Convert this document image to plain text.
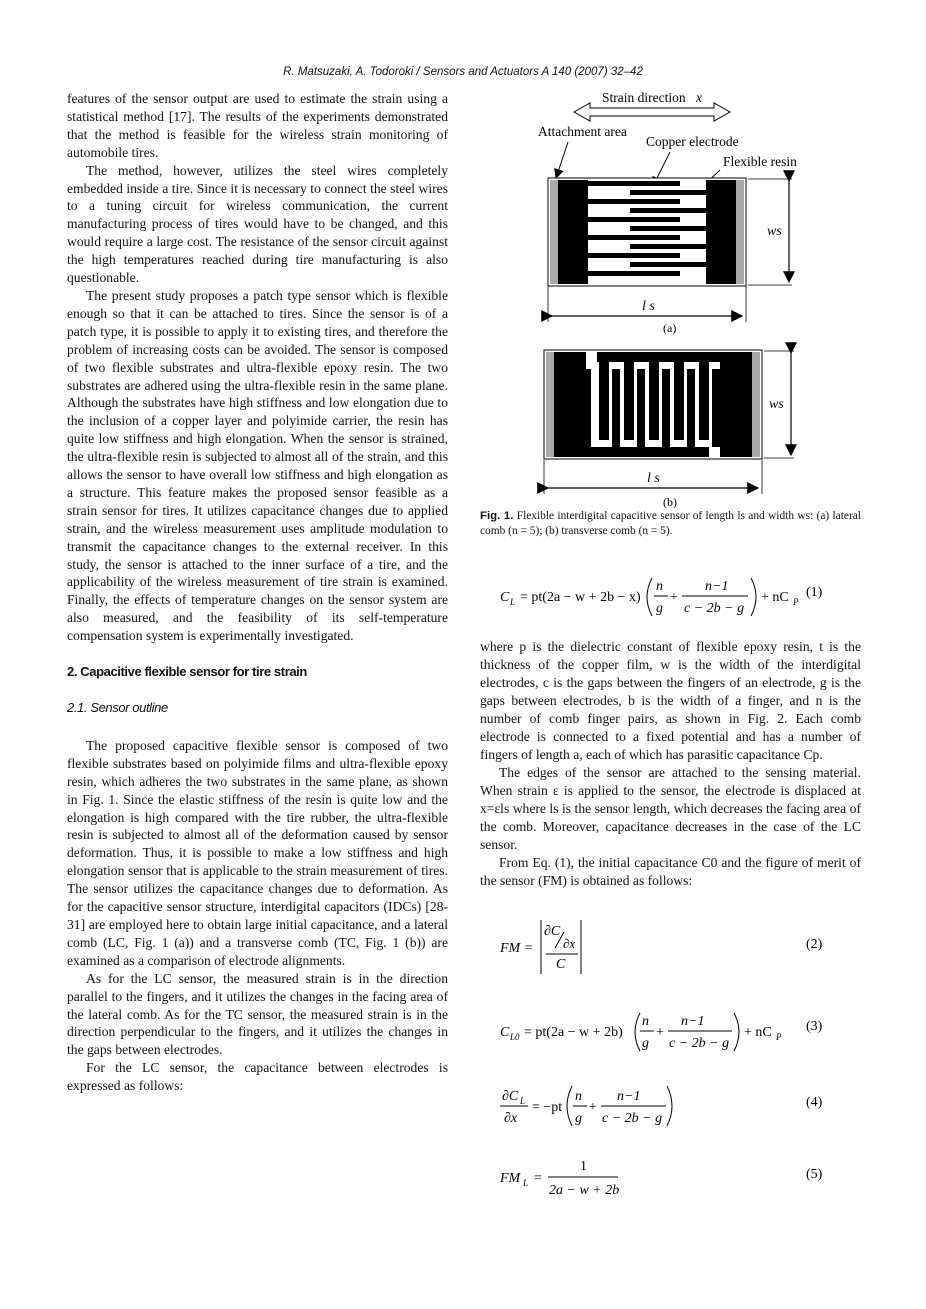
R. Matsuzaki, A. Todoroki / Sensors and Actuators A 140 (2007) 32–42

features of the sensor output are used to estimate the strain using a statistical method [17]. The results of the experiments demonstrated that the method is feasible for the wireless strain monitoring of automobile tires.

The method, however, utilizes the steel wires completely embedded inside a tire. Since it is necessary to connect the steel wires to a tuning circuit for wireless communication, the current manufacturing process of tires would have to be changed, and this would require a large cost. The resistance of the sensor circuit against the high temperatures reached during tire manufacturing is also questionable.

The present study proposes a patch type sensor which is flexible enough so that it can be attached to tires. Since the sensor is of a patch type, it is possible to apply it to existing tires, and therefore the problem of increasing costs can be avoided. The sensor is composed of two flexible substrates and ultra-flexible epoxy resin. The two substrates are adhered using the ultra-flexible resin in the same plane. Although the substrates have high stiffness and low elongation due to the inclusion of a copper layer and polyimide carrier, the resin has quite low stiffness and high elongation. When the sensor is strained, the ultra-flexible resin is subjected to almost all of the strain, and this allows the sensor to have overall low stiffness and high elongation as a structure. This feature makes the proposed sensor feasible as a strain sensor for tires. It utilizes capacitance changes due to applied strain, and the wireless measurement uses amplitude modulation to transmit the capacitance changes to the external receiver. In this study, the sensor is attached to the inner surface of a tire, and the applicability of the wireless measurement of tire strain is examined. Finally, the effects of temperature changes on the sensor system are also measured, and the feasibility of its self-temperature compensation system is experimentally investigated.

2. Capacitive flexible sensor for tire strain

2.1. Sensor outline

The proposed capacitive flexible sensor is composed of two flexible substrates based on polyimide films and ultra-flexible epoxy resin, which adheres the two substrates in the same plane, as shown in Fig. 1. Since the elastic stiffness of the resin is quite low and the elongation is high compared with the tire rubber, the ultra-flexible resin is subjected to almost all of the deformation caused by sensor deformation. Thus, it is possible to make a low stiffness and high elongation sensor that is applicable to the strain measurement of tires. The sensor utilizes the capacitance changes due to deformation. As for the capacitive sensor structure, interdigital capacitors (IDCs) [28-31] are employed here to obtain large initial capacitance, and a lateral comb (LC, Fig. 1 (a)) and a transverse comb (TC, Fig. 1 (b)) are examined as a comparison of electrode alignments.

As for the LC sensor, the measured strain is in the direction parallel to the fingers, and it utilizes the changes in the facing area of the lateral comb. As for the TC sensor, the measured strain is in the direction perpendicular to the fingers, and it utilizes the changes in the gaps between electrodes.

For the LC sensor, the capacitance between electrodes is expressed as follows:

Strain direction x
Attachment area
Copper electrode
Flexible resin
ws
l s
(a)
ws
l s
(b)
Fig. 1. Flexible interdigital capacitive sensor of length ls and width ws: (a) lateral comb (n = 5); (b) transverse comb (n = 5).
C L = pt(2a − w + 2b − x)
n
g
+
n−1
c − 2b − g
+ nC P
(1)

where p is the dielectric constant of flexible epoxy resin, t is the thickness of the copper film, w is the width of the interdigital electrodes, c is the gaps between the fingers of an electrode, g is the gaps between electrodes, b is the width of a finger, and n is the number of comb finger pairs, as shown in Fig. 2. Each comb electrode is connected to a fixed potential and has a number of fingers of length a, each of which has parasitic capacitance Cp.

The edges of the sensor are attached to the sensing material. When strain ε is applied to the sensor, the electrode is displaced at x=εls where ls is the sensor length, which decreases the facing area of the comb. Moreover, capacitance decreases in the case of the LC sensor.

From Eq. (1), the initial capacitance C0 and the figure of merit of the sensor (FM) is obtained as follows:

FM =
∂C
∂x
C
(2)
C L0 = pt(2a − w + 2b)
n
g
+
n−1
c − 2b − g
+ nC P
(3)
∂C L
∂x
= −pt
n
g
+
n−1
c − 2b − g
(4)
FM L =
1
2a − w + 2b
(5)
